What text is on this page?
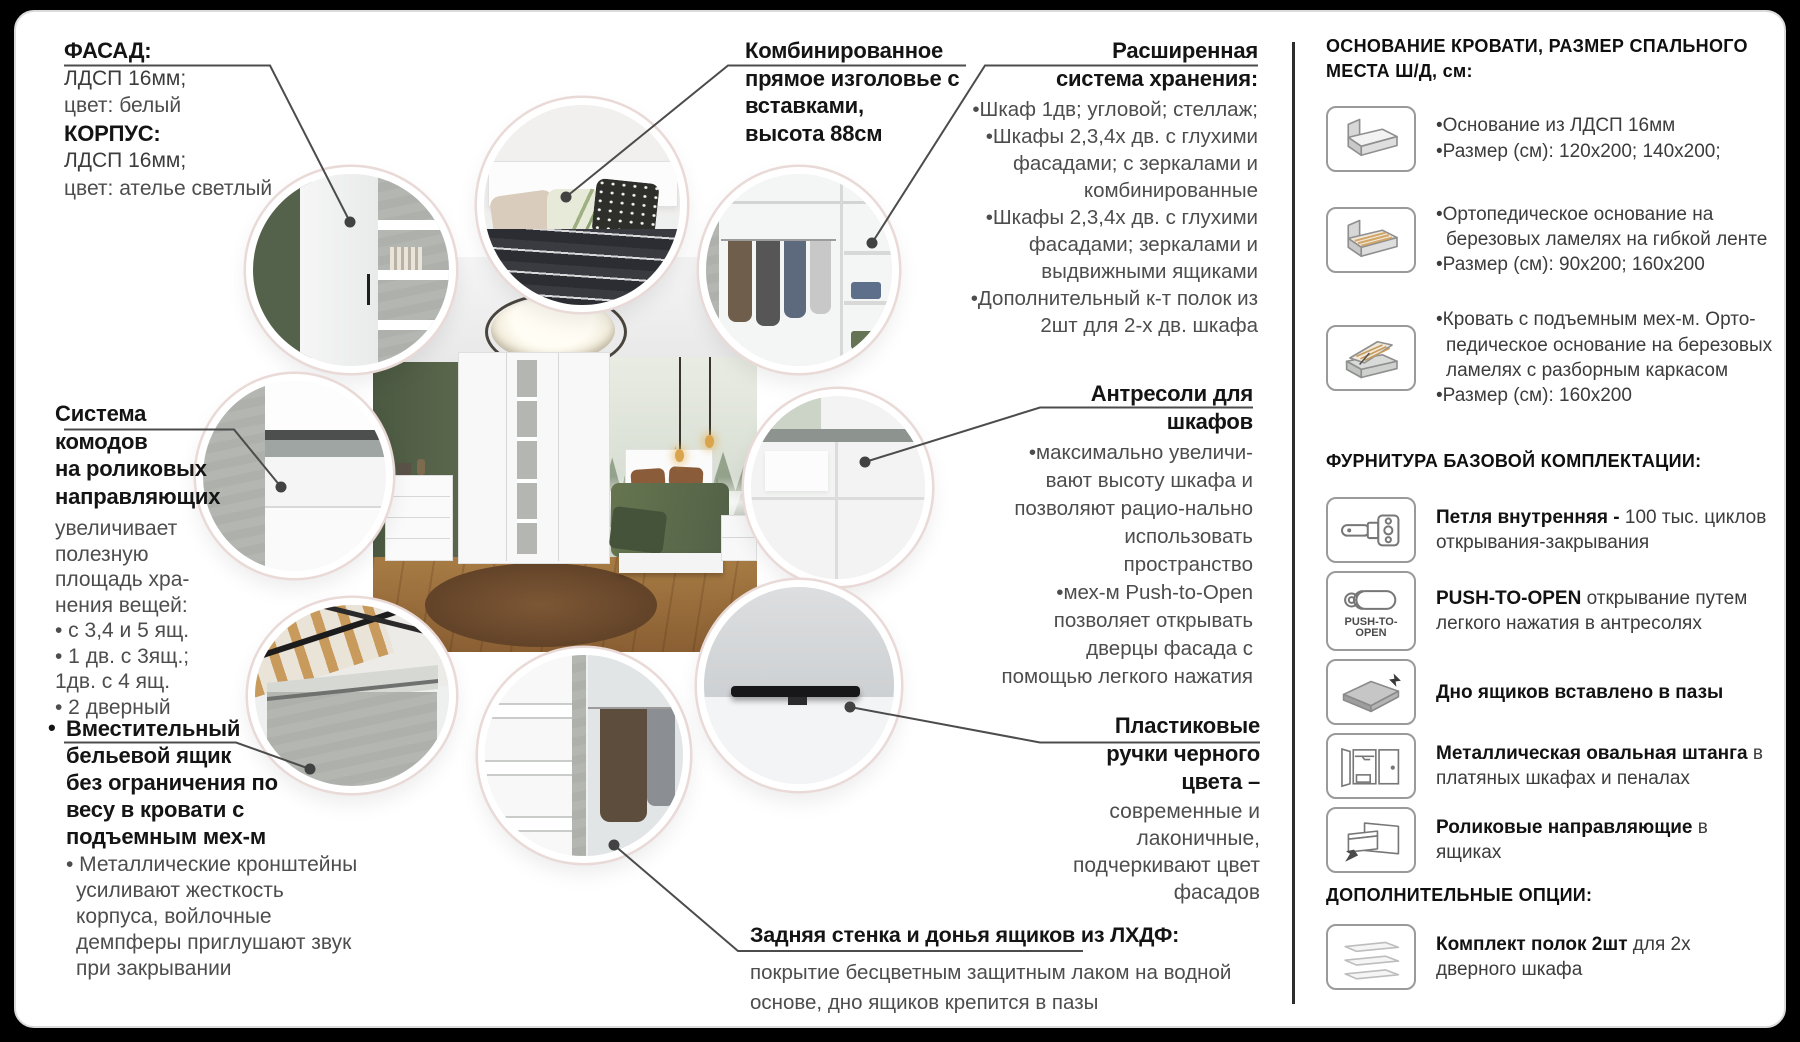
ФАСАД:
ЛДСП 16мм;
цвет: белый
КОРПУС:
ЛДСП 16мм;
цвет: ателье светлый
Комбинированное
прямое изголовье с
вставками,
высота 88см
Расширенная
система хранения:
•Шкаф 1дв; угловой; стеллаж;
•Шкафы 2,3,4х дв. с глухими фасадами; с зеркалами и комбинированные
•Шкафы 2,3,4х дв. с глухими фасадами; зеркалами и выдвижными ящиками
•Дополнительный к-т полок из 2шт для 2-х дв. шкафа
Система комодов
на роликовых
направляющих
увеличивает
полезную
площадь хра-
нения вещей:
• с 3,4 и 5 ящ.
• 1 дв. с 3ящ.;
1дв. с 4 ящ.
• 2 дверный
Антресоли для
шкафов
•максимально увеличи-вают высоту шкафа и позволяют рацио-нально использовать пространство
•мех-м Push-to-Open позволяет открывать дверцы фасада с помощью легкого нажатия
• Вместительный
бельевой ящик
без ограничения по
весу в кровати с
подъемным мех-м
• Металлические кронштейны усиливают жесткость корпуса, войлочные демпферы приглушают звук при закрывании
Пластиковые
ручки черного
цвета –
современные и лаконичные, подчеркивают цвет фасадов
Задняя стенка и донья ящиков из ЛХДФ:
покрытие бесцветным защитным лаком на водной
основе, дно ящиков крепится в пазы
ОСНОВАНИЕ КРОВАТИ, РАЗМЕР СПАЛЬНОГО МЕСТА Ш/Д, см:
•Основание из ЛДСП 16мм
•Размер (см): 120x200; 140x200;
•Ортопедическое основание на березовых ламелях на гибкой ленте
•Размер (см): 90x200; 160x200
•Кровать с подъемным мех-м. Орто-педическое основание на березовых ламелях с разборным каркасом
•Размер (см): 160x200
ФУРНИТУРА БАЗОВОЙ КОМПЛЕКТАЦИИ:
Петля внутренняя - 100 тыс. циклов открывания-закрывания
PUSH-TO-OPEN
PUSH-TO-OPEN открывание путем легкого нажатия в антресолях
Дно ящиков вставлено в пазы
Металлическая овальная штанга в платяных шкафах и пеналах
Роликовые направляющие в ящиках
ДОПОЛНИТЕЛЬНЫЕ ОПЦИИ:
Комплект полок 2шт для 2х дверного шкафа
